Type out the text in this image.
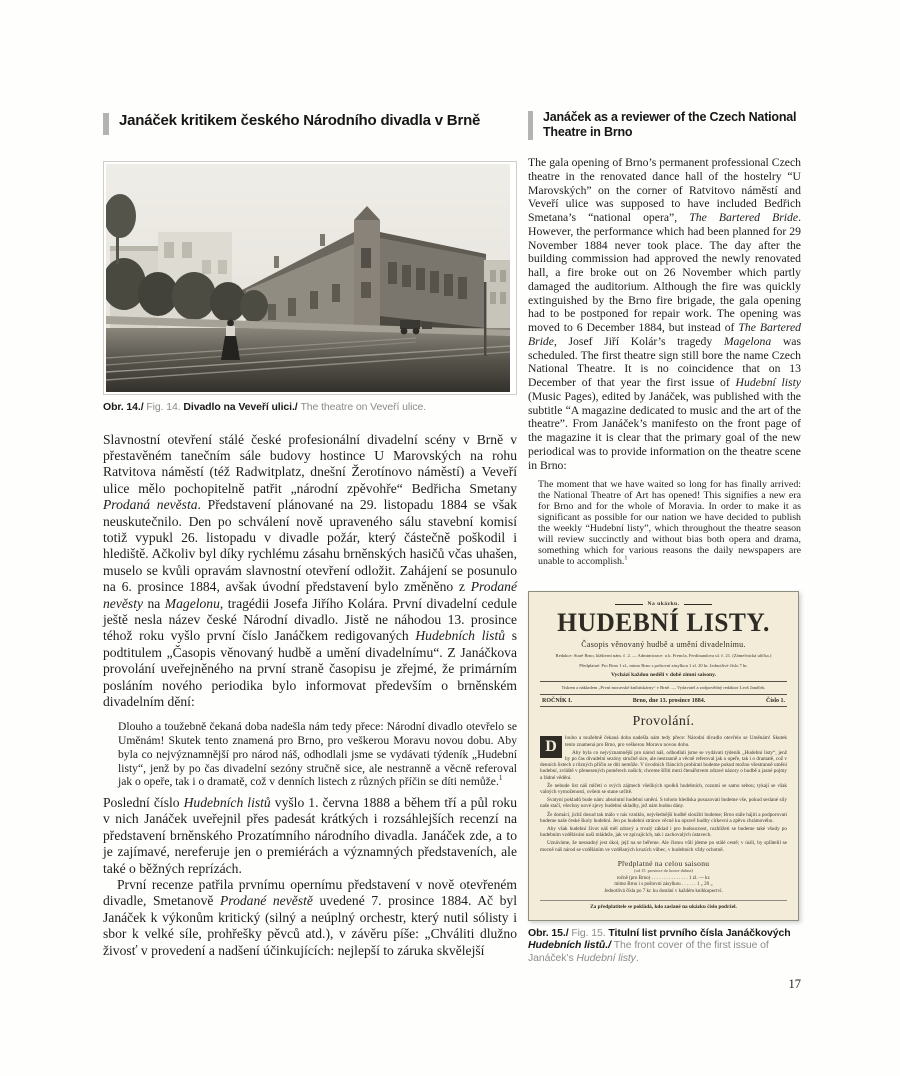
Janáček kritikem českého Národního divadla v Brně
Obr. 14./ Fig. 14. Divadlo na Veveří ulici./ The theatre on Veveří ulice.

Slavnostní otevření stálé české profesionální divadelní scény v Brně v přestavěném tanečním sále budovy hostince U Marovských na rohu Ratvitova náměstí (též Radwitplatz, dnešní Žerotínovo náměstí) a Veveří ulice mělo pochopitelně patřit „národní zpěvohře“ Bedřicha Smetany Prodaná nevěsta. Představení plánované na 29. listopadu 1884 se však neuskutečnilo. Den po schválení nově upraveného sálu stavební komisí totiž vypukl 26. listopadu v divadle požár, který částečně poškodil i hlediště. Ačkoliv byl díky rychlému zásahu brněnských hasičů včas uhašen, muselo se kvůli opravám slavnostní otevření odložit. Zahájení se posunulo na 6. prosince 1884, avšak úvodní představení bylo změněno z Prodané nevěsty na Magelonu, tragédii Josefa Jiřího Kolára. První divadelní cedule ještě nesla název české Národní divadlo. Jistě ne náhodou 13. prosince téhož roku vyšlo první číslo Janáčkem redigovaných Hudebních listů s podtitulem „Časopis věnovaný hudbě a umění divadelnímu“. Z Janáčkova provolání uveřejněného na první straně časopisu je zřejmé, že primárním posláním nového periodika bylo informovat především o brněnském divadelním dění:

Dlouho a toužebně čekaná doba nadešla nám tedy přece: Národní divadlo otevřelo se Uměnám! Skutek tento znamená pro Brno, pro veškerou Moravu novou dobu. Aby byla co nejvýznamnější pro národ náš, odhodlali jsme se vydávati týdeník „Hudební listy“, jenž by po čas divadelní sezóny stručně sice, ale nestranně a věcně referoval jak o opeře, tak i o dramatě, což v denních listech z různých příčin se díti nemůže.$^1$

Poslední číslo Hudebních listů vyšlo 1. června 1888 a během tří a půl roku v nich Janáček uveřejnil přes padesát krátkých i rozsáhlejších recenzí na představení brněnského Prozatímního národního divadla. Janáček zde, a to je zajímavé, nereferuje jen o premiérách a významných představeních, ale také o běžných reprízách.

První recenze patřila prvnímu opernímu představení v nově otevřeném divadle, Smetanově Prodané nevěstě uvedené 7. prosince 1884. Ač byl Janáček k výkonům kritický (silný a neúplný orchestr, který nutil sólisty i sbor k velké síle, prohřešky pěvců atd.), v závěru píše: „Chváliti dlužno živosť v provedení a nadšení účinkujících: nejlepší to záruka skvělejší

Janáček as a reviewer of the Czech National Theatre in Brno

The gala opening of Brno’s permanent professional Czech theatre in the renovated dance hall of the hostelry “U Marovských” on the corner of Ratvitovo náměstí and Veveří ulice was supposed to have included Bedřich Smetana’s “national opera”, The Bartered Bride. However, the performance which had been planned for 29 November 1884 never took place. The day after the building commission had approved the newly renovated hall, a fire broke out on 26 November which partly damaged the auditorium. Although the fire was quickly extinguished by the Brno fire brigade, the gala opening had to be postponed for repair work. The opening was moved to 6 December 1884, but instead of The Bartered Bride, Josef Jiří Kolár’s tragedy Magelona was scheduled. The first theatre sign still bore the name Czech National Theatre. It is no coincidence that on 13 December of that year the first issue of Hudební listy (Music Pages), edited by Janáček, was published with the subtitle “A magazine dedicated to music and the art of the theatre”. From Janáček’s manifesto on the front page of the magazine it is clear that the primary goal of the new periodical was to provide information on the theatre scene in Brno:

The moment that we have waited so long for has finally arrived: the National Theatre of Art has opened! This signifies a new era for Brno and for the whole of Moravia. In order to make it as significant as possible for our nation we have decided to publish the weekly “Hudební listy”, which throughout the theatre season will review succinctly and without bias both opera and drama, something which for various reasons the daily newspapers are unable to accomplish.$^1$

Na ukázku.
HUDEBNÍ LISTY.
Časopis věnovaný hudbě a umění divadelnímu.
Redakce: Staré Brno, klášterní nám. č. 2. — Administrace: u k. Frencla, Ferdinandova ul. č. 21. (Zámečnická ulička.)
Předplatné: Pro Brno 1 zl., mimo Brno s poštovní zásylkou 1 zl. 20 kr. Jednotlivé číslo 7 kr.
Vychází každou neděli v době zimní saisony.
Tiskem a nákladem „První moravské knihtiskárny“ v Brně. — Vydavatel a zodpovědný redaktor Leoš Janáček.
ROČNÍK I.	Brno, dne 13. prosince 1884.	Číslo 1.
Provolání.

D	louho a toužebně čekaná doba nadešla nám tedy přece: Národní divadlo otevřelo se Uměnám! Skutek tento znamená pro Brno, pro veškerou Moravu novou dobu.

Aby byla co nejvýznamnější pro národ náš, odhodlali jsme se vydávati týdeník „Hudební listy“, jenž by po čas divadelní sezóny stručně sice, ale nestranně a věcně referoval jak o opeře, tak i o dramatě, což v denních listech z různých příčin se díti nemůže. V úvodních článcích probírati budeme pokud možno všestranně umění hudební, zvláště v přenesených poměrech našich; chceme šířiti mezi čtenářstvem zdravé názory o hudbě a jasné pojmy a řádné vědění.

Že nebude list náš mlčeti o svých zájmech všelikých spolků hudebních, rozumí se samo sebou; tykají se však valných vymožeností, ovšem se stane určitě.

Svatyní pokladů bude nám: absolutní hudební umění. S tohoto hlediska posuzovati budeme vše, pokud seslané síly naše stačí, všechny nové zjevy hudební skladby, jež nám budou dány.

Že domácí, jichž dosud tak málo v nás vzniklo, nejvšednější hudbě sloužiti budeme; Brno stále hájiti a podporovati budeme naše české školy hudební. Jen po hudební stránce věcné ku opravě hudby církevní a zpěvu chrámového.

Aby však hudební život náš měl zdravý a trvalý základ i pro budoucnost, rozhlížeti se budeme také všudy po hudebním vzdělávání naší mládeže, jak ve zpívajících, tak i zachovalých ústavech.

Uznáváme, že nesnadný jest úkol, jejž na se béřeme. Ale čistou vůlí jdeme po stálé cestě; v úsilí, by spřátelil se mocně náš národ se vzděláním ve vzdělaných kruzích vůbec, v hudebních vždy ochotně.

Předplatné na celou saisonu
(od 15. prosince do konce dubna)
ročně (pro Brno) . . . . . . . . . . . . . . . 1 zl. — kr.
mimo Brno i s poštovní zásylkou . . . . . . 1 „ 20 „
Jednotlivá čísla po 7 kr. ku dostání v každém knihkupectví.
Za předplatitele se pokládá, kdo zaslané na ukázku číslo podržel.
Obr. 15./ Fig. 15. Titulní list prvního čísla Janáčkových Hudebních listů./ The front cover of the first issue of Janáček’s Hudební listy.
17
